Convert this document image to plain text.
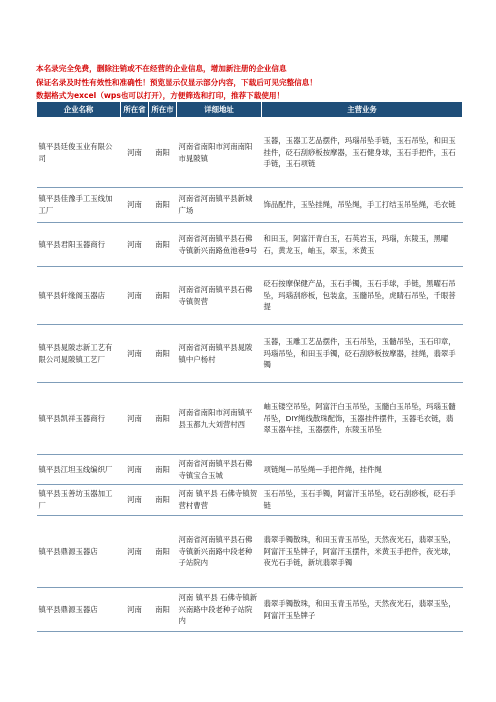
本名录完全免费，删除注销或不在经营的企业信息，增加新注册的企业信息
保证名录及时性有效性和准确性！预览显示仅显示部分内容，下载后可见完整信息！
数据格式为excel（wps也可以打开），方便筛选和打印，推荐下载使用！
企业名称	所在省	所在市	详细地址	主营业务
镇平县廷俊玉业有限公司	河南	南阳	河南省南阳市河南南阳市晁陂镇	玉器，玉器工艺品摆件，玛瑙吊坠手链，玉石吊坠，和田玉挂件，砭石刮痧板按摩器，玉石健身球，玉石手把件，玉石手链，玉石项链
镇平县佳豫手工玉线加工厂	河南	南阳	河南省河南镇平县新城广场	饰品配件，玉坠挂绳，吊坠绳，手工打结玉吊坠绳，毛衣链
镇平县君阳玉器商行	河南	南阳	河南省河南镇平县石佛寺镇新兴南路鱼池巷9号	和田玉，阿富汗青白玉，石英岩玉，玛瑙，东陵玉，黑曜石，黄龙玉，岫玉，翠玉，米黄玉
镇平县轩缘阁玉器店	河南	南阳	河南省河南镇平县石佛寺镇贺营	砭石按摩保健产品，玉石手镯，玉石手球，手链，黑曜石吊坠，玛瑙刮痧板，包装盒，玉髓吊坠，虎睛石吊坠，千眼菩提
镇平县晁陂志新工艺有限公司晁陂镇工艺厂	河南	南阳	河南省河南镇平县晁陂镇中户杨村	玉器，玉雕工艺品摆件，玉石吊坠，玉髓吊坠，玉石印章，玛瑙吊坠，和田玉手镯，砭石刮痧板按摩器，挂绳，翡翠手镯
镇平县凯祥玉器商行	河南	南阳	河南省南阳市河南镇平县玉都九大刘营村西	岫玉镂空吊坠，阿富汗白玉吊坠，玉髓白玉吊坠，玛瑙玉髓吊坠，DIY绳线散珠配饰，玉器挂件摆件，玉器毛衣链，翡翠玉器车挂，玉器摆件，东陵玉吊坠
镇平县江坦玉线编织厂	河南	南阳	河南省河南镇平县石佛寺镇宝合玉城	项链绳—吊坠绳—手把件绳，挂件绳
镇平县玉善坊玉器加工厂	河南	南阳	河南 镇平县 石佛寺镇贺营村曹营	玉石吊坠，玉石手镯，阿富汗玉吊坠，砭石刮痧板，砭石手链
镇平县鼎源玉器店	河南	南阳	河南省河南镇平县石佛寺镇新兴南路中段老种子站院内	翡翠手镯散珠，和田玉青玉吊坠，天然夜光石，翡翠玉坠，阿富汗玉坠牌子，阿富汗玉摆件，米黄玉手把件，夜光球，夜光石手链，新坑翡翠手镯
镇平县鼎源玉器店	河南	南阳	河南 镇平县 石佛寺镇新兴南路中段老种子站院内	翡翠手镯散珠，和田玉青玉吊坠，天然夜光石，翡翠玉坠，阿富汗玉坠牌子
